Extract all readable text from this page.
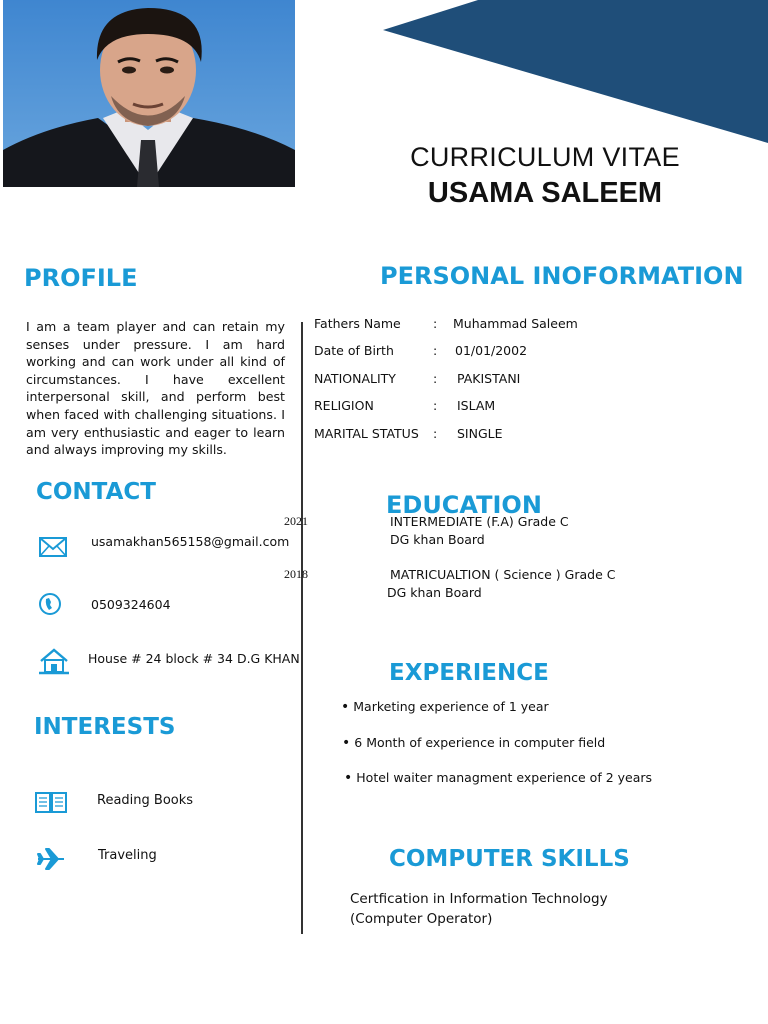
CURRICULUM VITAE
USAMA SALEEM
PROFILE
I am a team player and can retain my senses under pressure. I am hard working and can work under all kind of circumstances. I have excellent interpersonal skill, and perform best when faced with challenging situations. I am very enthusiastic and eager to learn and always improving my skills.
PERSONAL INOFORMATION
Fathers Name	: Muhammad Saleem
Date of Birth	: 01/01/2002
NATIONALITY	: PAKISTANI
RELIGION	: ISLAM
MARITAL STATUS : SINGLE
CONTACT
usamakhan565158@gmail.com
0509324604
House # 24 block # 34 D.G KHAN
INTERESTS
Reading Books
Traveling
EDUCATION
2021	INTERMEDIATE (F.A) Grade C
DG khan Board
2018	MATRICUALTION ( Science ) Grade C
DG khan Board
EXPERIENCE
• Marketing experience of 1 year
• 6 Month of experience in computer field
• Hotel waiter managment experience of 2 years
COMPUTER SKILLS
Certfication in Information Technology
(Computer Operator)
